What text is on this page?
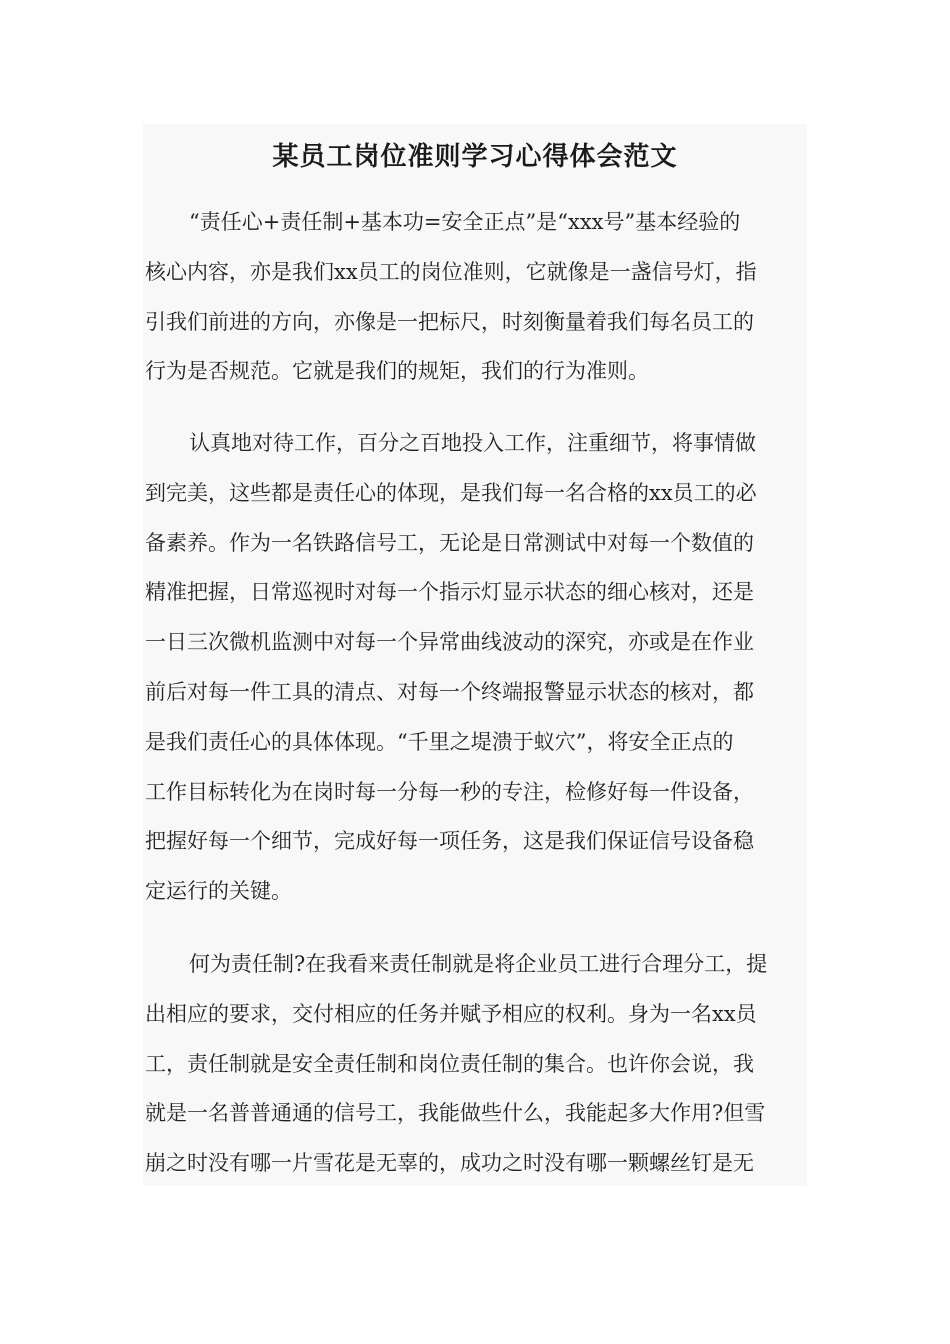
某员工岗位准则学习心得体会范文
“责任心+责任制+基本功=安全正点”是“xxx号”基本经验的
核心内容，亦是我们xx员工的岗位准则，它就像是一盏信号灯，指
引我们前进的方向，亦像是一把标尺，时刻衡量着我们每名员工的
行为是否规范。它就是我们的规矩，我们的行为准则。
认真地对待工作，百分之百地投入工作，注重细节，将事情做
到完美，这些都是责任心的体现，是我们每一名合格的xx员工的必
备素养。作为一名铁路信号工，无论是日常测试中对每一个数值的
精准把握，日常巡视时对每一个指示灯显示状态的细心核对，还是
一日三次微机监测中对每一个异常曲线波动的深究，亦或是在作业
前后对每一件工具的清点、对每一个终端报警显示状态的核对，都
是我们责任心的具体体现。“千里之堤溃于蚁穴”，将安全正点的
工作目标转化为在岗时每一分每一秒的专注，检修好每一件设备，
把握好每一个细节，完成好每一项任务，这是我们保证信号设备稳
定运行的关键。
何为责任制?在我看来责任制就是将企业员工进行合理分工，提
出相应的要求，交付相应的任务并赋予相应的权利。身为一名xx员
工，责任制就是安全责任制和岗位责任制的集合。也许你会说，我
就是一名普普通通的信号工，我能做些什么，我能起多大作用?但雪
崩之时没有哪一片雪花是无辜的，成功之时没有哪一颗螺丝钉是无
